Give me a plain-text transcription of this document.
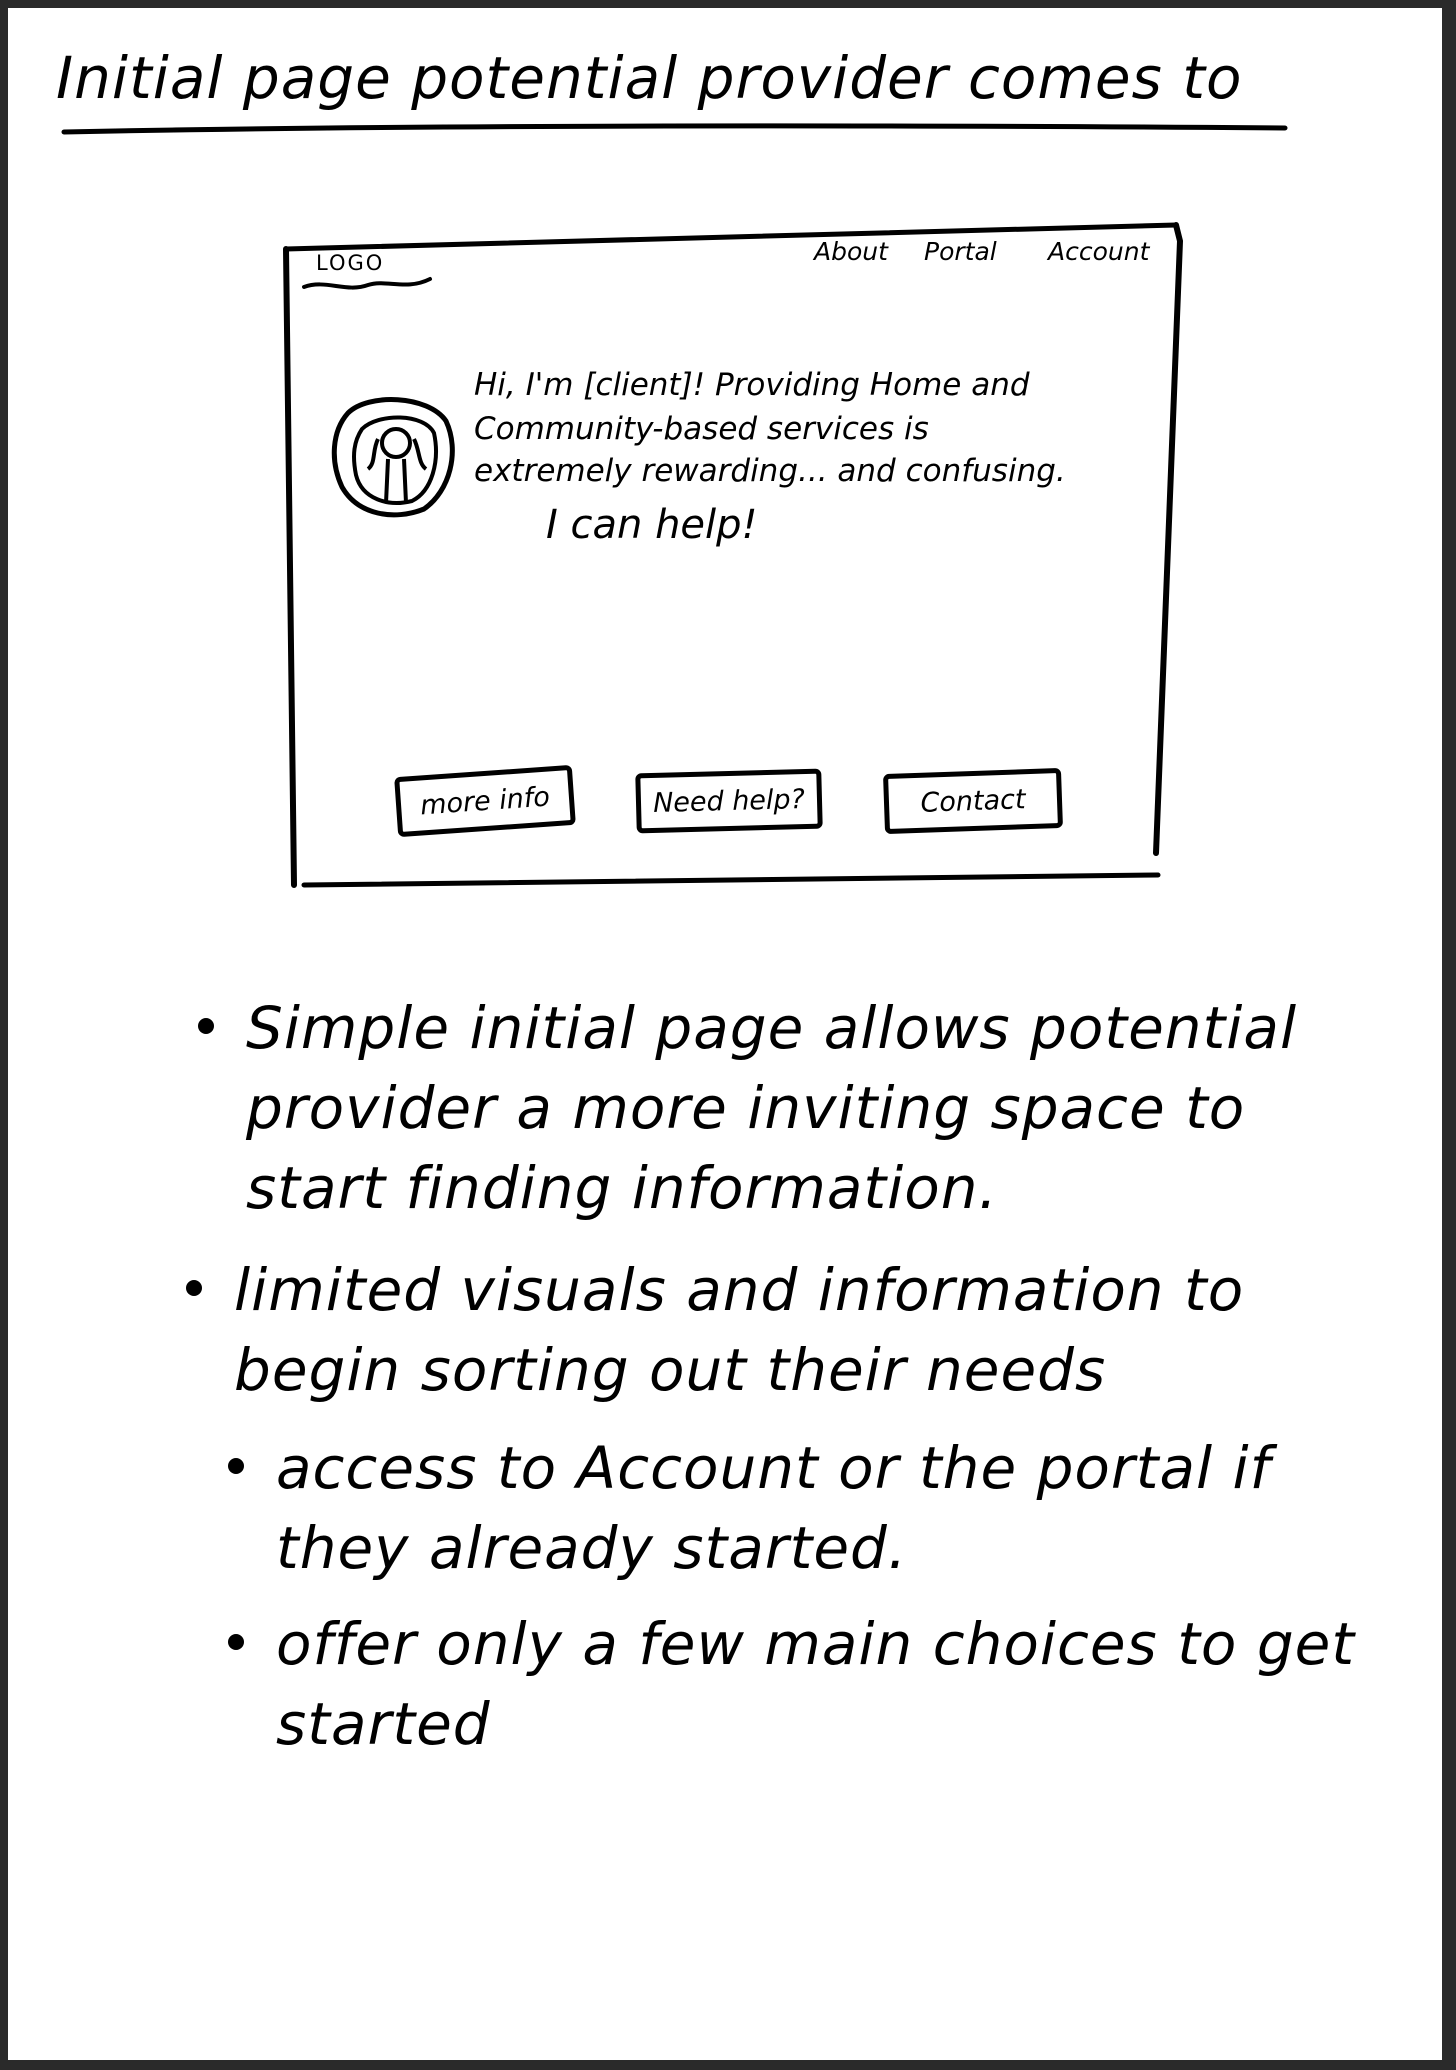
Initial page potential provider comes to
LOGO	About Portal Account
Hi, I'm [client]! Providing Home and
Community-based services is
extremely rewarding... and confusing.
I can help!
more info	Need help?	Contact
Simple initial page allows potential provider a more inviting space to start finding information.
limited visuals and information to begin sorting out their needs
access to Account or the portal if they already started.
offer only a few main choices to get started
